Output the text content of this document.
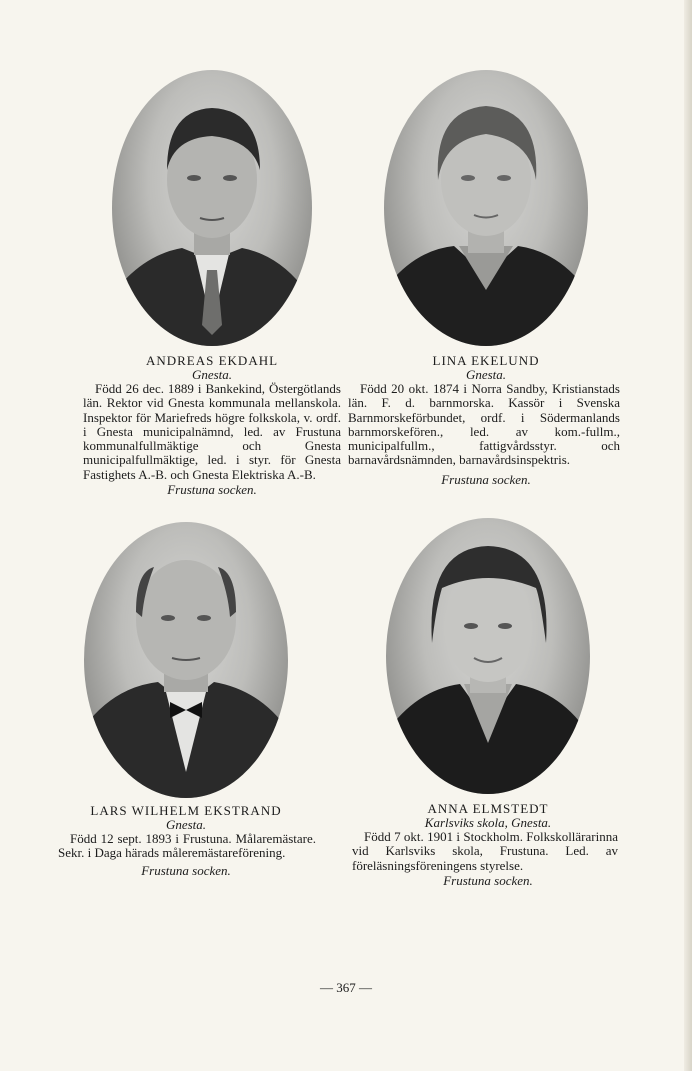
ANDREAS EKDAHL
Gnesta.

Född 26 dec. 1889 i Bankekind, Östergötlands län. Rektor vid Gnesta kommunala mellanskola. Inspektor för Mariefreds högre folkskola, v. ordf. i Gnesta municipalnämnd, led. av Frustuna kommunalfullmäktige och Gnesta municipalfullmäktige, led. i styr. för Gnesta Fastighets A.-B. och Gnesta Elektriska A.-B.

Frustuna socken.
LINA EKELUND
Gnesta.

Född 20 okt. 1874 i Norra Sandby, Kristianstads län. F. d. barnmorska. Kassör i Svenska Barnmorskeförbundet, ordf. i Södermanlands barnmorskefören., led. av kom.-fullm., municipalfullm., fattigvårdsstyr. och barnavårdsnämnden, barnavårdsinspektris.

Frustuna socken.
LARS WILHELM EKSTRAND
Gnesta.

Född 12 sept. 1893 i Frustuna. Målaremästare. Sekr. i Daga härads måleremästareförening.

Frustuna socken.
ANNA ELMSTEDT
Karlsviks skola, Gnesta.

Född 7 okt. 1901 i Stockholm. Folkskollärarinna vid Karlsviks skola, Frustuna. Led. av föreläsningsföreningens styrelse.

Frustuna socken.
— 367 —
